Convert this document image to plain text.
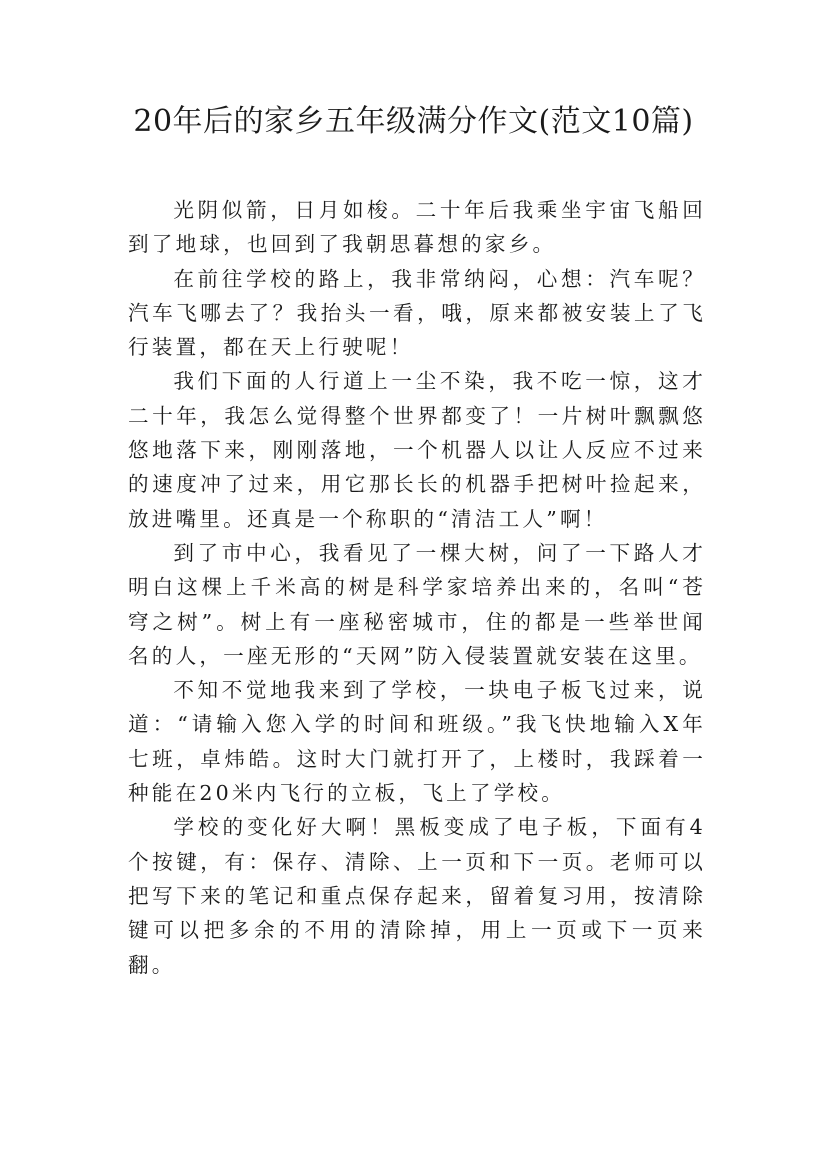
20年后的家乡五年级满分作文(范文10篇)

光阴似箭，日月如梭。二十年后我乘坐宇宙飞船回到了地球，也回到了我朝思暮想的家乡。

在前往学校的路上，我非常纳闷，心想：汽车呢？汽车飞哪去了？我抬头一看，哦，原来都被安装上了飞行装置，都在天上行驶呢！

我们下面的人行道上一尘不染，我不吃一惊，这才二十年，我怎么觉得整个世界都变了！一片树叶飘飘悠悠地落下来，刚刚落地，一个机器人以让人反应不过来的速度冲了过来，用它那长长的机器手把树叶捡起来，放进嘴里。还真是一个称职的“清洁工人”啊！

到了市中心，我看见了一棵大树，问了一下路人才明白这棵上千米高的树是科学家培养出来的，名叫“苍穹之树”。树上有一座秘密城市，住的都是一些举世闻名的人，一座无形的“天网”防入侵装置就安装在这里。

不知不觉地我来到了学校，一块电子板飞过来，说道：“请输入您入学的时间和班级。”我飞快地输入X年七班，卓炜皓。这时大门就打开了，上楼时，我踩着一种能在20米内飞行的立板，飞上了学校。

学校的变化好大啊！黑板变成了电子板，下面有4个按键，有：保存、清除、上一页和下一页。老师可以把写下来的笔记和重点保存起来，留着复习用，按清除键可以把多余的不用的清除掉，用上一页或下一页来翻。
